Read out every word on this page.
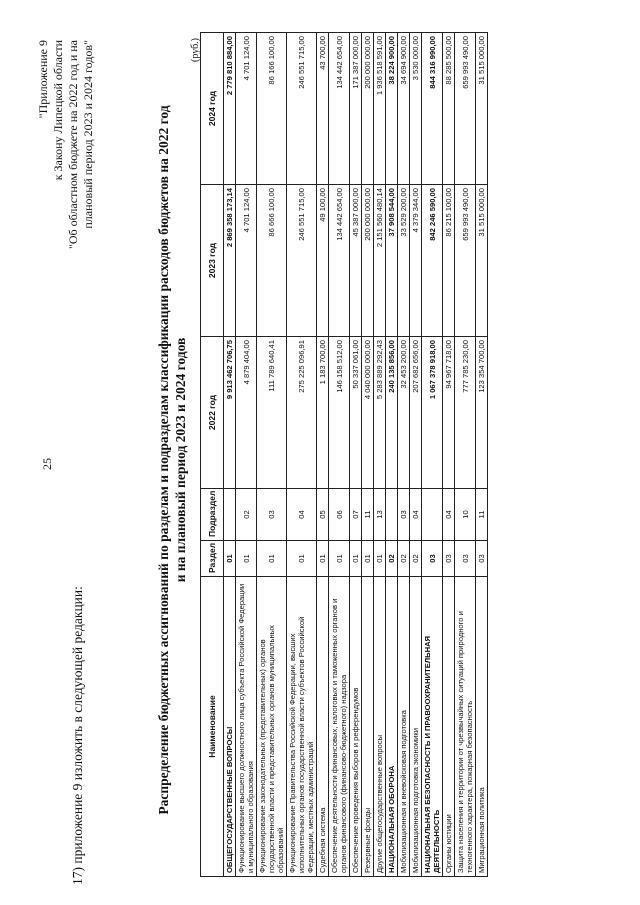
25
17) приложение 9 изложить в следующей редакции:
"Приложение 9 к Закону Липецкой области "Об областном бюджете на 2022 год и на плановый период 2023 и 2024 годов"	Распределение бюджетных ассигнований по разделам и подразделам классификации расходов бюджетов на 2022 год и на плановый период 2023 и 2024 годов
(руб.)
Наименование	Раздел	Подраздел	2022 год	2023 год	2024 год
ОБЩЕГОСУДАРСТВЕННЫЕ ВОПРОСЫ	01		9 913 462 706,75	2 869 358 173,14	2 779 810 884,00
Функционирование высшего должностного лица субъекта Российской Федерации и муниципального образования	01	02	4 879 404,00	4 701 124,00	4 701 124,00
Функционирование законодательных (представительных) органов государственной власти и представительных органов муниципальных образований	01	03	111 789 640,41	86 666 100,00	86 166 100,00
Функционирование Правительства Российской Федерации, высших исполнительных органов государственной власти субъектов Российской Федерации, местных администраций	01	04	275 225 096,91	246 551 715,00	246 551 715,00
Судебная система	01	05	1 183 700,00	49 100,00	43 700,00
Обеспечение деятельности финансовых, налоговых и таможенных органов и органов финансового (финансово-бюджетного) надзора	01	06	146 158 512,00	134 442 654,00	134 442 654,00
Обеспечение проведения выборов и референдумов	01	07	50 337 061,00	45 387 000,00	171 387 000,00
Резервные фонды	01	11	4 040 000 000,00	200 000 000,00	200 000 000,00
Другие общегосударственные вопросы	01	13	5 283 889 292,43	2 151 560 480,14	1 936 518 591,00
НАЦИОНАЛЬНАЯ ОБОРОНА	02		240 135 856,00	37 908 544,00	38 224 900,00
Мобилизационная и вневойсковая подготовка	02	03	32 453 200,00	33 529 200,00	34 694 900,00
Мобилизационная подготовка экономики	02	04	207 682 656,00	4 379 344,00	3 530 000,00
НАЦИОНАЛЬНАЯ БЕЗОПАСНОСТЬ И ПРАВООХРАНИТЕЛЬНАЯ ДЕЯТЕЛЬНОСТЬ	03		1 067 378 918,00	842 246 590,00	844 316 990,00
Органы юстиции	03	04	94 967 718,00	86 215 100,00	88 285 500,00
Защита населения и территории от чрезвычайных ситуаций природного и техногенного характера, пожарная безопасность	03	10	777 785 230,00	659 993 490,00	659 993 490,00
Миграционная политика	03	11	123 354 700,00	31 515 000,00	31 515 000,00
